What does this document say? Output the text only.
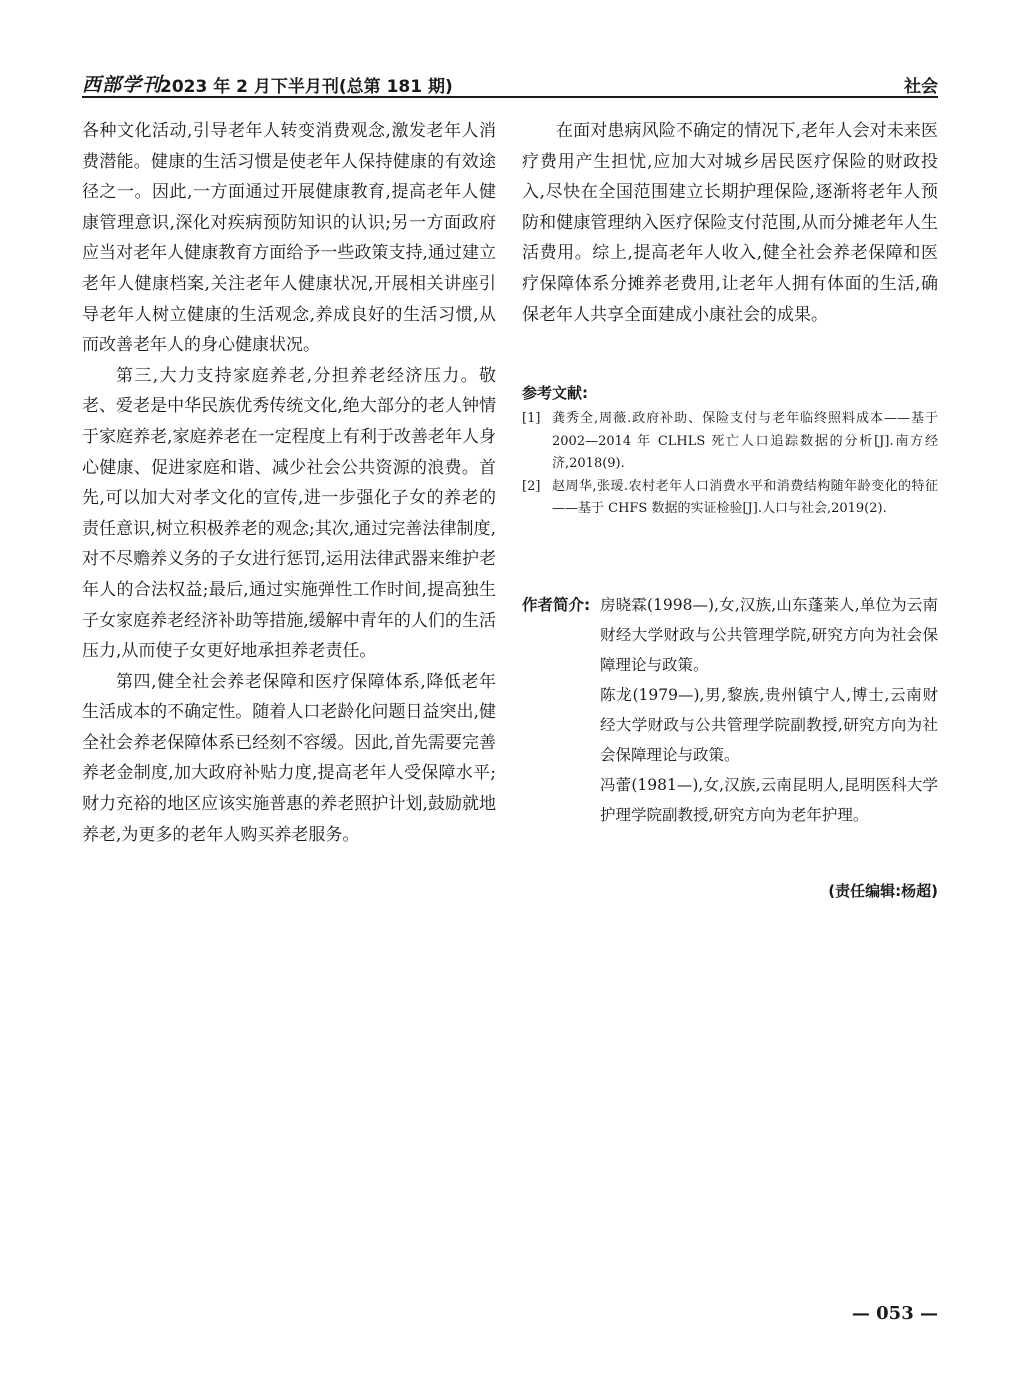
西部学刊
2023 年 2 月下半月刊(总第 181 期)	社会

各种文化活动,引导老年人转变消费观念,激发老年人消费潜能。健康的生活习惯是使老年人保持健康的有效途径之一。因此,一方面通过开展健康教育,提高老年人健康管理意识,深化对疾病预防知识的认识;另一方面政府应当对老年人健康教育方面给予一些政策支持,通过建立老年人健康档案,关注老年人健康状况,开展相关讲座引导老年人树立健康的生活观念,养成良好的生活习惯,从而改善老年人的身心健康状况。

第三,大力支持家庭养老,分担养老经济压力。敬老、爱老是中华民族优秀传统文化,绝大部分的老人钟情于家庭养老,家庭养老在一定程度上有利于改善老年人身心健康、促进家庭和谐、减少社会公共资源的浪费。首先,可以加大对孝文化的宣传,进一步强化子女的养老的责任意识,树立积极养老的观念;其次,通过完善法律制度,对不尽赡养义务的子女进行惩罚,运用法律武器来维护老年人的合法权益;最后,通过实施弹性工作时间,提高独生子女家庭养老经济补助等措施,缓解中青年的人们的生活压力,从而使子女更好地承担养老责任。

第四,健全社会养老保障和医疗保障体系,降低老年生活成本的不确定性。随着人口老龄化问题日益突出,健全社会养老保障体系已经刻不容缓。因此,首先需要完善养老金制度,加大政府补贴力度,提高老年人受保障水平;财力充裕的地区应该实施普惠的养老照护计划,鼓励就地养老,为更多的老年人购买养老服务。

在面对患病风险不确定的情况下,老年人会对未来医疗费用产生担忧,应加大对城乡居民医疗保险的财政投入,尽快在全国范围建立长期护理保险,逐渐将老年人预防和健康管理纳入医疗保险支付范围,从而分摊老年人生活费用。综上,提高老年人收入,健全社会养老保障和医疗保障体系分摊养老费用,让老年人拥有体面的生活,确保老年人共享全面建成小康社会的成果。

参考文献:
[1] 龚秀全,周薇.政府补助、保险支付与老年临终照料成本——基于 2002—2014 年 CLHLS 死亡人口追踪数据的分析[J].南方经济,2018(9).
[2] 赵周华,张瑷.农村老年人口消费水平和消费结构随年龄变化的特征——基于 CHFS 数据的实证检验[J].人口与社会,2019(2).
作者简介: 房晓霖(1998—),女,汉族,山东蓬莱人,单位为云南财经大学财政与公共管理学院,研究方向为社会保障理论与政策。
陈龙(1979—),男,黎族,贵州镇宁人,博士,云南财经大学财政与公共管理学院副教授,研究方向为社会保障理论与政策。
冯蕾(1981—),女,汉族,云南昆明人,昆明医科大学护理学院副教授,研究方向为老年护理。
(责任编辑:杨超)
— 053 —
